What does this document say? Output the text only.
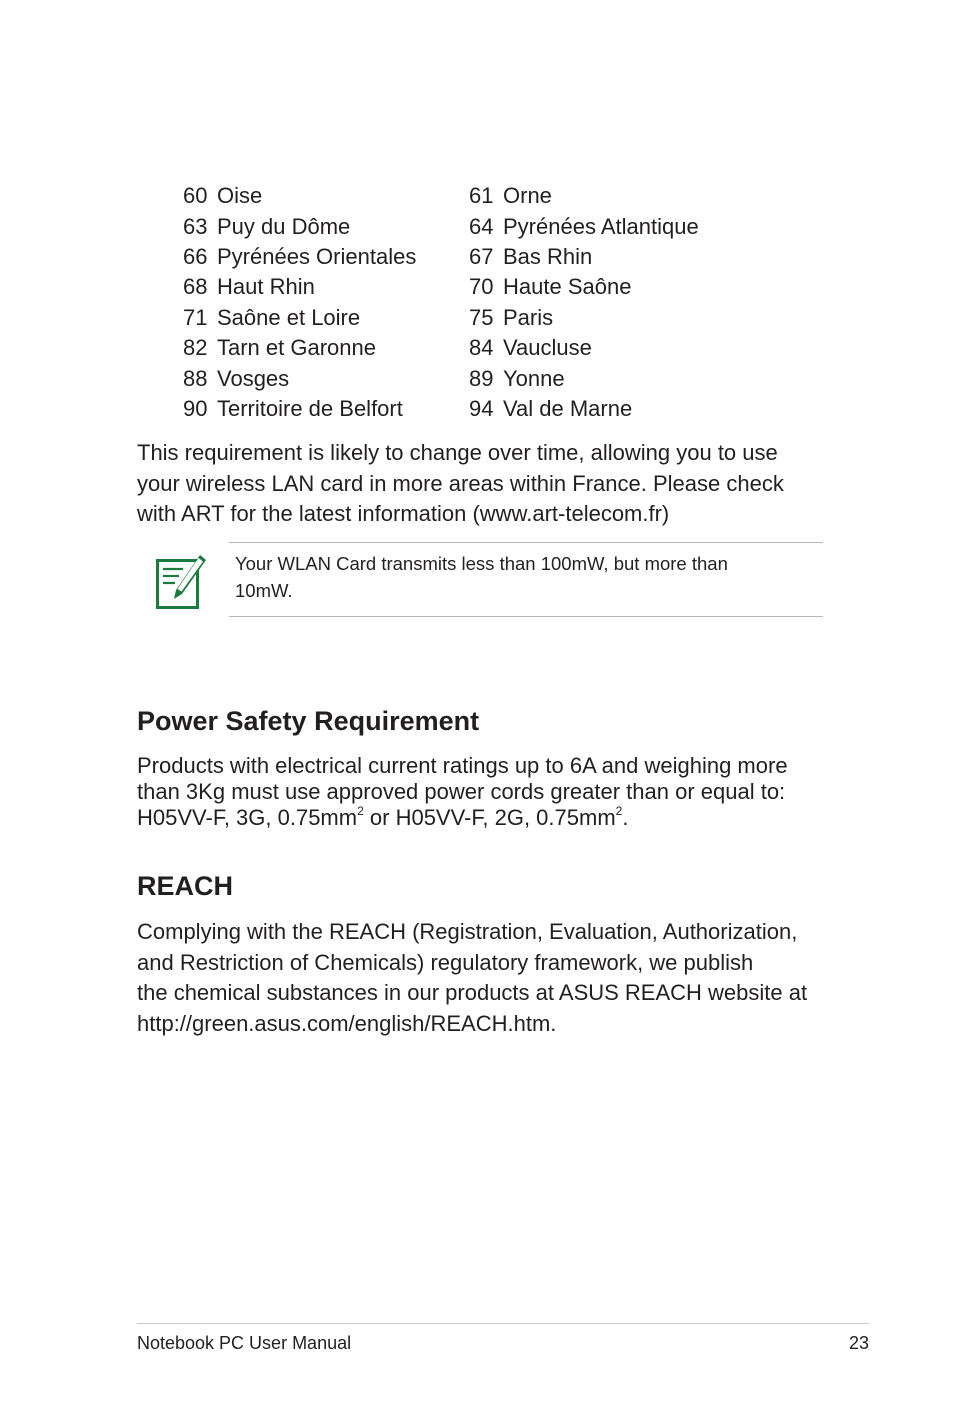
60 Oise	61 Orne
63 Puy du Dôme	64 Pyrénées Atlantique
66 Pyrénées Orientales 67 Bas Rhin
68 Haut Rhin	70 Haute Saône
71 Saône et Loire	75 Paris
82 Tarn et Garonne	84 Vaucluse
88 Vosges	89 Yonne
90 Territoire de Belfort	94 Val de Marne
This requirement is likely to change over time, allowing you to use
your wireless LAN card in more areas within France. Please check
with ART for the latest information (www.art-telecom.fr)
Your WLAN Card transmits less than 100mW, but more than
10mW.
Power Safety Requirement
Products with electrical current ratings up to 6A and weighing more
than 3Kg must use approved power cords greater than or equal to:
H05VV-F, 3G, $0.75mm^2$ or H05VV-F, 2G, $0.75mm^2$.
REACH
Complying with the REACH (Registration, Evaluation, Authorization,
and Restriction of Chemicals) regulatory framework, we publish
the chemical substances in our products at ASUS REACH website at
http://green.asus.com/english/REACH.htm.
Notebook PC User Manual	23
